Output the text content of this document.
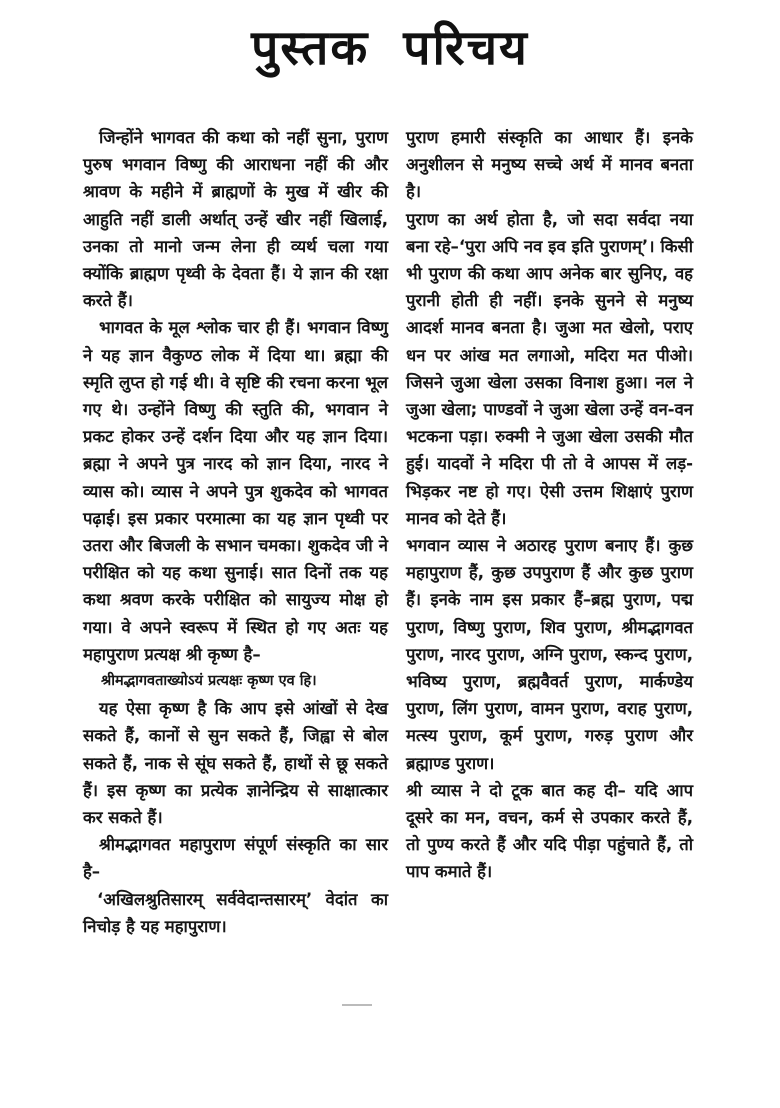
पुस्तक परिचय

जिन्होंने भागवत की कथा को नहीं सुना, पुराण पुरुष भगवान विष्णु की आराधना नहीं की और श्रावण के महीने में ब्राह्मणों के मुख में खीर की आहुति नहीं डाली अर्थात् उन्हें खीर नहीं खिलाई, उनका तो मानो जन्म लेना ही व्यर्थ चला गया क्योंकि ब्राह्मण पृथ्वी के देवता हैं। ये ज्ञान की रक्षा करते हैं।

भागवत के मूल श्लोक चार ही हैं। भगवान विष्णु ने यह ज्ञान वैकुण्ठ लोक में दिया था। ब्रह्मा की स्मृति लुप्त हो गई थी। वे सृष्टि की रचना करना भूल गए थे। उन्होंने विष्णु की स्तुति की, भगवान ने प्रकट होकर उन्हें दर्शन दिया और यह ज्ञान दिया। ब्रह्मा ने अपने पुत्र नारद को ज्ञान दिया, नारद ने व्यास को। व्यास ने अपने पुत्र शुकदेव को भागवत पढ़ाई। इस प्रकार परमात्मा का यह ज्ञान पृथ्वी पर उतरा और बिजली के सभान चमका। शुकदेव जी ने परीक्षित को यह कथा सुनाई। सात दिनों तक यह कथा श्रवण करके परीक्षित को सायुज्य मोक्ष हो गया। वे अपने स्वरूप में स्थित हो गए अतः यह महापुराण प्रत्यक्ष श्री कृष्ण है–

श्रीमद्भागवताख्योऽयं प्रत्यक्षः कृष्ण एव हि।

यह ऐसा कृष्ण है कि आप इसे आंखों से देख सकते हैं, कानों से सुन सकते हैं, जिह्वा से बोल सकते हैं, नाक से सूंघ सकते हैं, हाथों से छू सकते हैं। इस कृष्ण का प्रत्येक ज्ञानेन्द्रिय से साक्षात्कार कर सकते हैं।

श्रीमद्भागवत महापुराण संपूर्ण संस्कृति का सार है–

‘अखिलश्रुतिसारम् सर्ववेदान्तसारम्’ वेदांत का निचोड़ है यह महापुराण।

पुराण हमारी संस्कृति का आधार हैं। इनके अनुशीलन से मनुष्य सच्चे अर्थ में मानव बनता है।

पुराण का अर्थ होता है, जो सदा सर्वदा नया बना रहे–‘पुरा अपि नव इव इति पुराणम्’। किसी भी पुराण की कथा आप अनेक बार सुनिए, वह पुरानी होती ही नहीं। इनके सुनने से मनुष्य आदर्श मानव बनता है। जुआ मत खेलो, पराए धन पर आंख मत लगाओ, मदिरा मत पीओ। जिसने जुआ खेला उसका विनाश हुआ। नल ने जुआ खेला; पाण्डवों ने जुआ खेला उन्हें वन-वन भटकना पड़ा। रुक्मी ने जुआ खेला उसकी मौत हुई। यादवों ने मदिरा पी तो वे आपस में लड़-भिड़कर नष्ट हो गए। ऐसी उत्तम शिक्षाएं पुराण मानव को देते हैं।

भगवान व्यास ने अठारह पुराण बनाए हैं। कुछ महापुराण हैं, कुछ उपपुराण हैं और कुछ पुराण हैं। इनके नाम इस प्रकार हैं–ब्रह्म पुराण, पद्म पुराण, विष्णु पुराण, शिव पुराण, श्रीमद्भागवत पुराण, नारद पुराण, अग्नि पुराण, स्कन्द पुराण, भविष्य पुराण, ब्रह्मवैवर्त पुराण, मार्कण्डेय पुराण, लिंग पुराण, वामन पुराण, वराह पुराण, मत्स्य पुराण, कूर्म पुराण, गरुड़ पुराण और ब्रह्माण्ड पुराण।

श्री व्यास ने दो टूक बात कह दी– यदि आप दूसरे का मन, वचन, कर्म से उपकार करते हैं, तो पुण्य करते हैं और यदि पीड़ा पहुंचाते हैं, तो पाप कमाते हैं।
